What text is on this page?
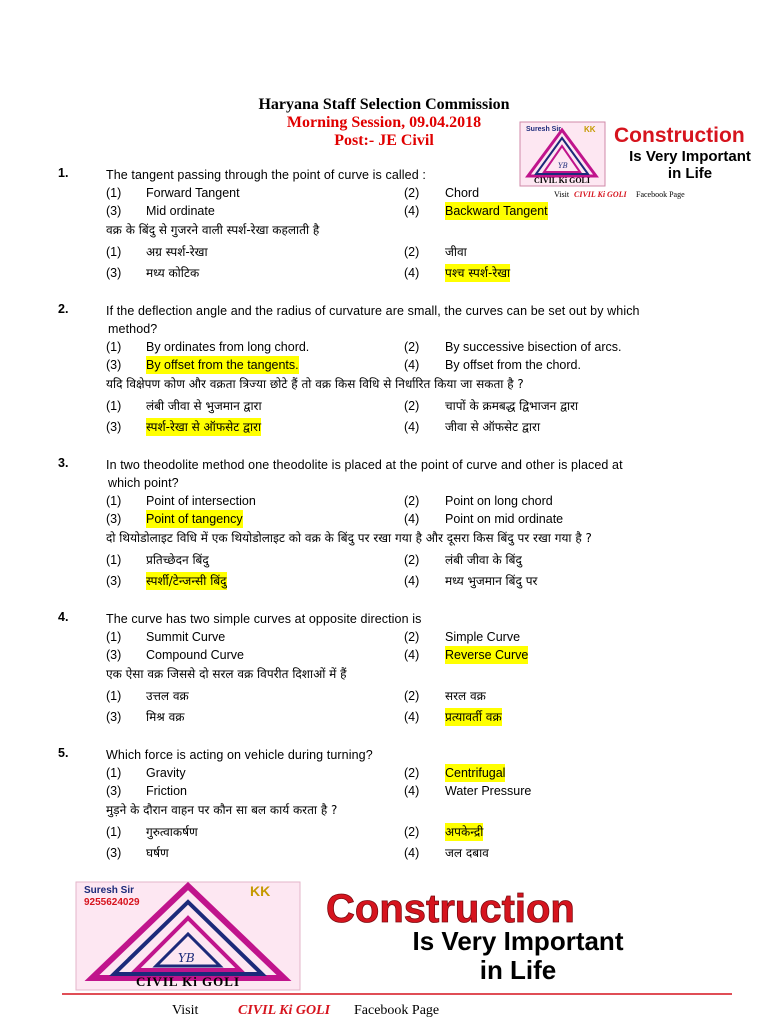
Haryana Staff Selection Commission
Morning Session, 09.04.2018
Post:- JE Civil
Suresh Sir	KK
YB
CIVIL Ki GOLI
Construction
Is Very Important
in Life
Visit CIVIL Ki GOLI Facebook Page
1.	The tangent passing through the point of curve is called :
(1) Forward Tangent	(2) Chord
(3) Mid ordinate	(4) Backward Tangent
वक्र के बिंदु से गुजरने वाली स्पर्श-रेखा कहलाती है
(1) अग्र स्पर्श-रेखा	(2) जीवा
(3) मध्य कोटिक	(4) पश्च स्पर्श-रेखा
2.	If the deflection angle and the radius of curvature are small, the curves can be set out by which
method?
(1) By ordinates from long chord.	(2) By successive bisection of arcs.
(3) By offset from the tangents.	(4) By offset from the chord.
यदि विक्षेपण कोण और वक्रता त्रिज्या छोटे हैं तो वक्र किस विधि से निर्धारित किया जा सकता है ?
(1) लंबी जीवा से भुजमान द्वारा	(2) चापों के क्रमबद्ध द्विभाजन द्वारा
(3) स्पर्श-रेखा से ऑफसेट द्वारा	(4) जीवा से ऑफसेट द्वारा
3.	In two theodolite method one theodolite is placed at the point of curve and other is placed at
which point?
(1) Point of intersection	(2) Point on long chord
(3) Point of tangency	(4) Point on mid ordinate
दो थियोडोलाइट विधि में एक थियोडोलाइट को वक्र के बिंदु पर रखा गया है और दूसरा किस बिंदु पर रखा गया है ?
(1) प्रतिच्छेदन बिंदु	(2) लंबी जीवा के बिंदु
(3) स्पर्शी/टेन्जन्सी बिंदु	(4) मध्य भुजमान बिंदु पर
4.	The curve has two simple curves at opposite direction is
(1) Summit Curve	(2) Simple Curve
(3) Compound Curve	(4) Reverse Curve
एक ऐसा वक्र जिससे दो सरल वक्र विपरीत दिशाओं में हैं
(1) उत्तल वक्र	(2) सरल वक्र
(3) मिश्र वक्र	(4) प्रत्यावर्ती वक्र
5.	Which force is acting on vehicle during turning?
(1) Gravity	(2) Centrifugal
(3) Friction	(4) Water Pressure
मुड़ने के दौरान वाहन पर कौन सा बल कार्य करता है ?
(1) गुरुत्वाकर्षण	(2) अपकेन्द्री
(3) घर्षण	(4) जल दबाव
Suresh Sir
9255624029
KK
YB
CIVIL Ki GOLI
Construction
Is Very Important
in Life
Visit	CIVIL Ki GOLI Facebook Page
